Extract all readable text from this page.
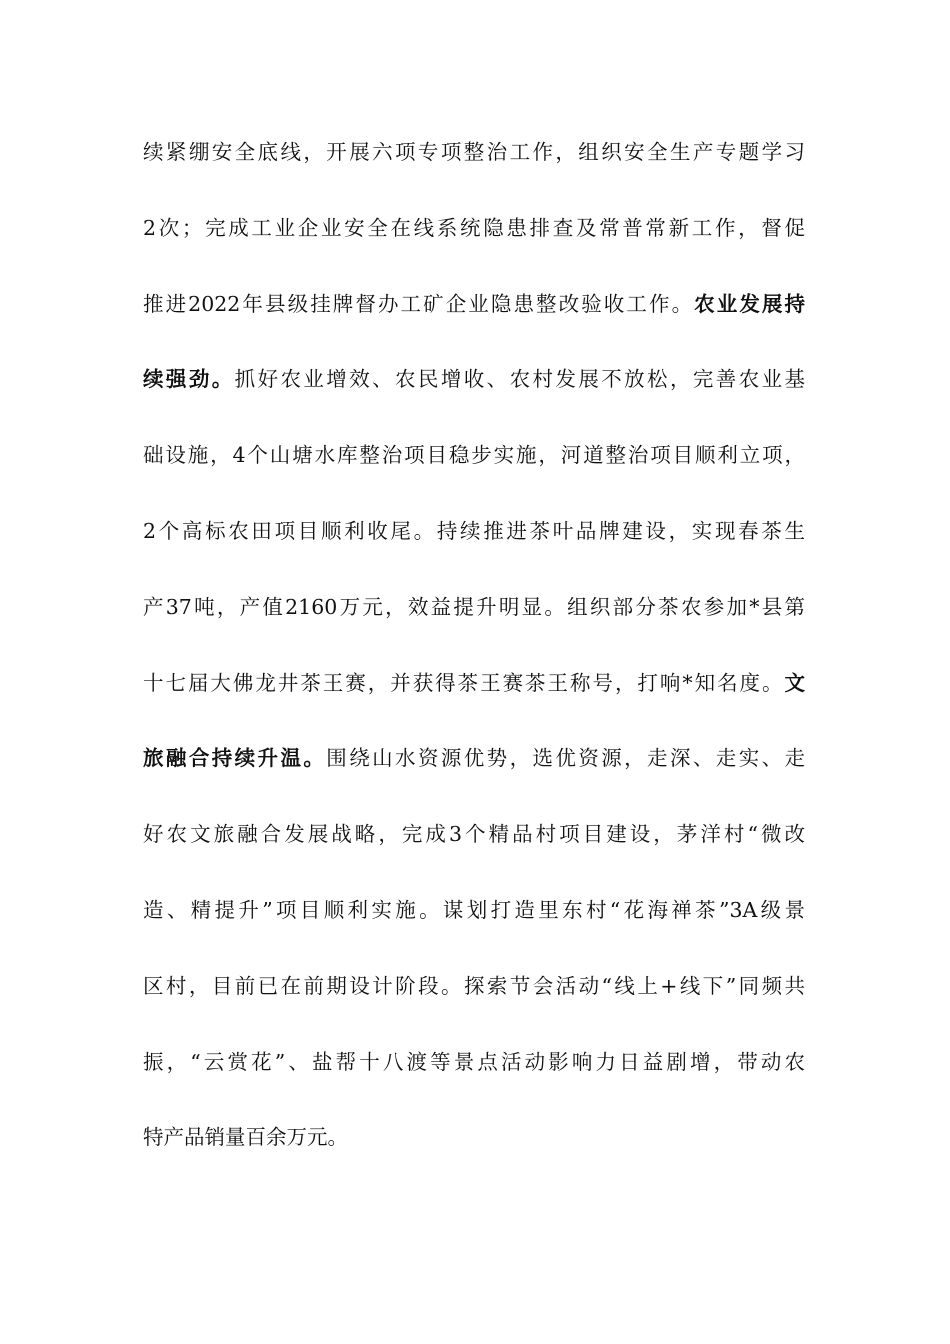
续紧绷安全底线，开展六项专项整治工作，组织安全生产专题学习
2次；完成工业企业安全在线系统隐患排查及常普常新工作，督促
推进2022年县级挂牌督办工矿企业隐患整改验收工作。农业发展持
续强劲。抓好农业增效、农民增收、农村发展不放松，完善农业基
础设施，4个山塘水库整治项目稳步实施，河道整治项目顺利立项，
2个高标农田项目顺利收尾。持续推进茶叶品牌建设，实现春茶生
产37吨，产值2160万元，效益提升明显。组织部分茶农参加*县第
十七届大佛龙井茶王赛，并获得茶王赛茶王称号，打响*知名度。文
旅融合持续升温。围绕山水资源优势，选优资源，走深、走实、走
好农文旅融合发展战略，完成3个精品村项目建设，茅洋村“微改
造、精提升”项目顺利实施。谋划打造里东村“花海禅茶”3A级景
区村，目前已在前期设计阶段。探索节会活动“线上+线下”同频共
振，“云赏花”、盐帮十八渡等景点活动影响力日益剧增，带动农
特产品销量百余万元。
